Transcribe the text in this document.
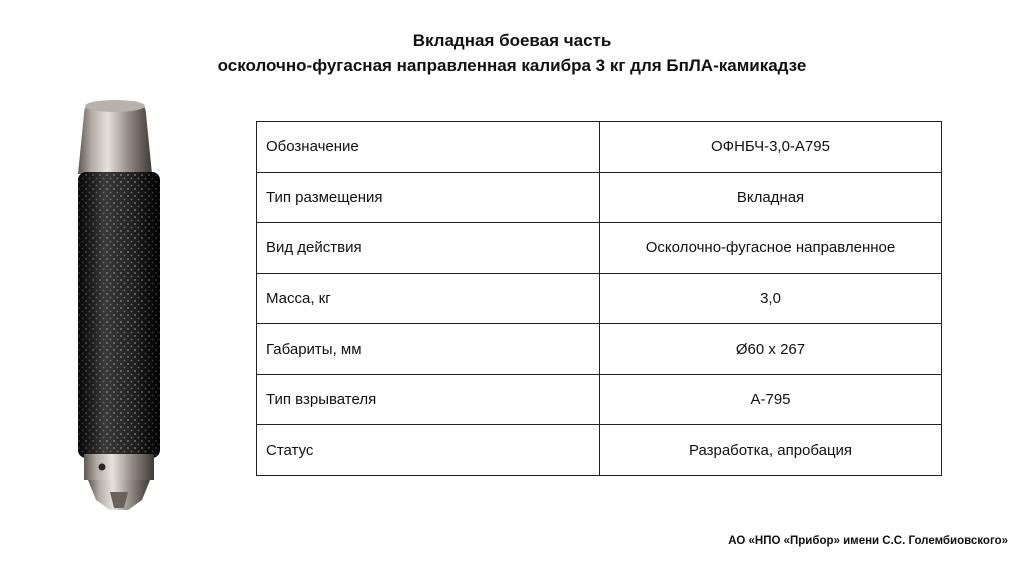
Вкладная боевая часть
осколочно-фугасная направленная калибра 3 кг для БпЛА-камикадзе
Обозначение	ОФНБЧ-3,0-А795
Тип размещения	Вкладная
Вид действия	Осколочно-фугасное направленное
Масса, кг	3,0
Габариты, мм	Ø60 х 267
Тип взрывателя	А-795
Статус	Разработка, апробация
АО «НПО «Прибор» имени С.С. Голембиовского»
